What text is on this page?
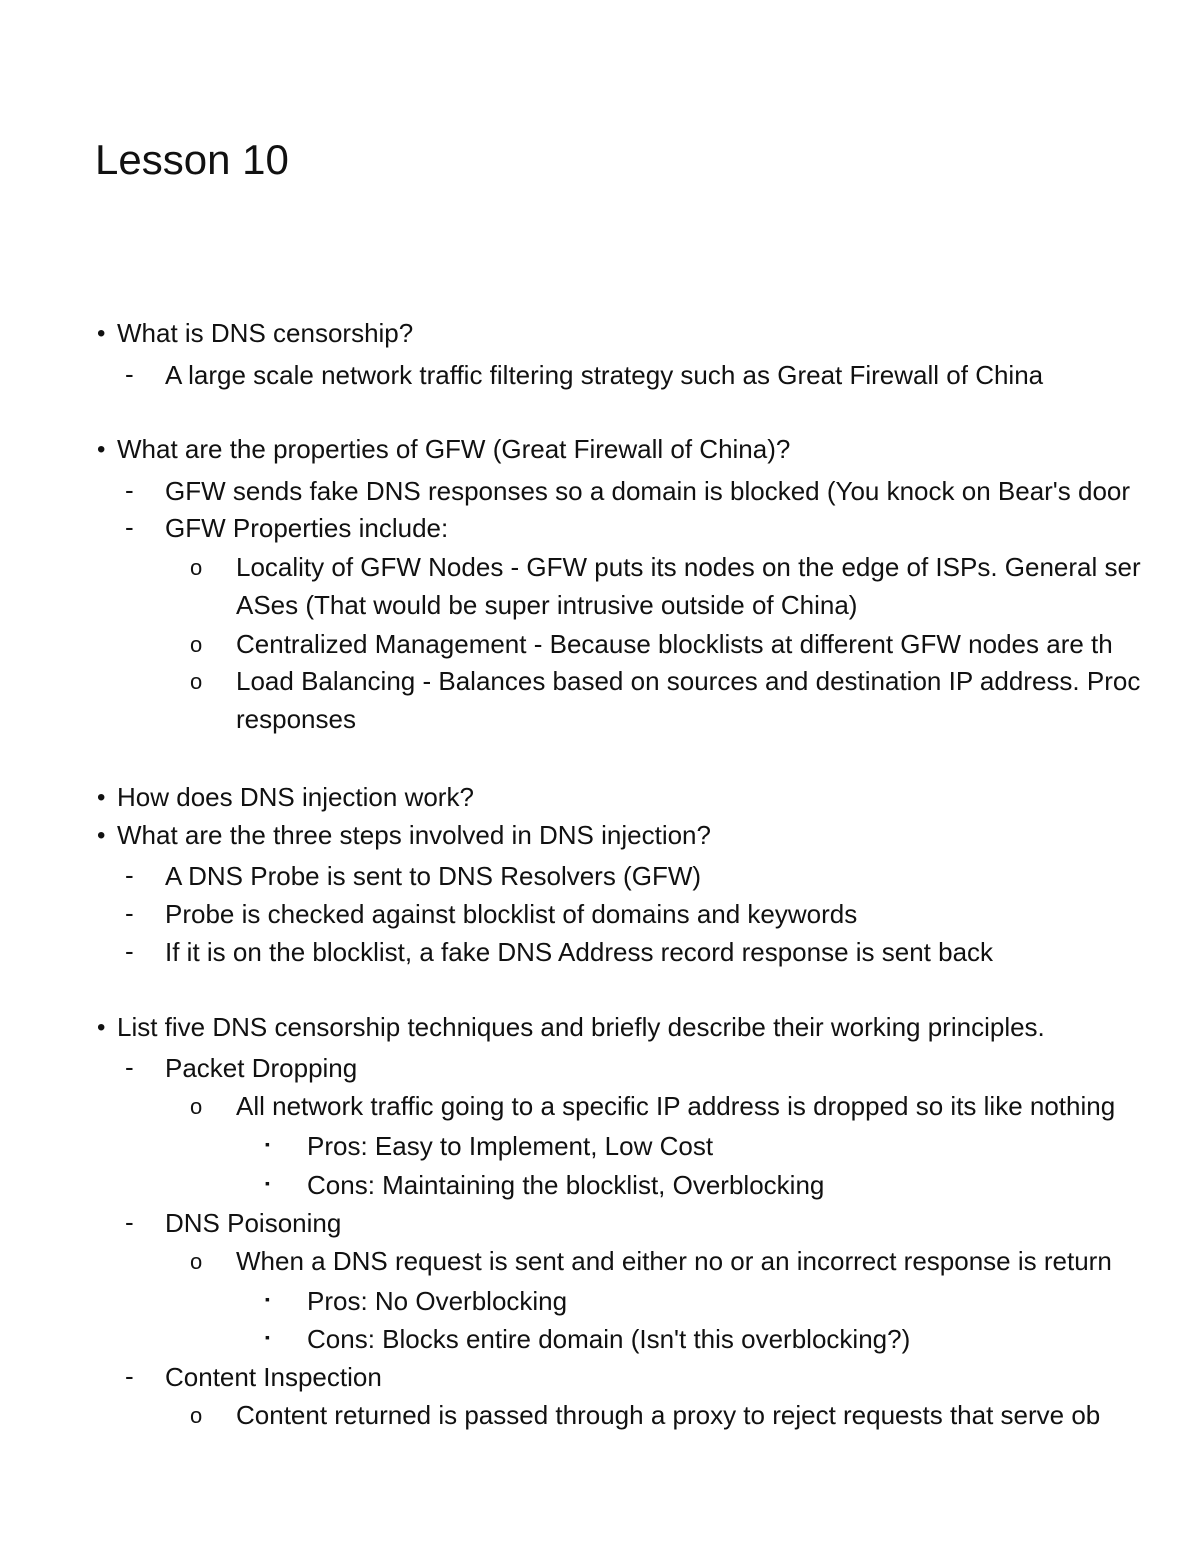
Lesson 10
• What is DNS censorship?
- A large scale network traffic filtering strategy such as Great Firewall of China
• What are the properties of GFW (Great Firewall of China)?
- GFW sends fake DNS responses so a domain is blocked (You knock on Bear's door
- GFW Properties include:
o Locality of GFW Nodes - GFW puts its nodes on the edge of ISPs. General ser
ASes (That would be super intrusive outside of China)
o Centralized Management - Because blocklists at different GFW nodes are th
o Load Balancing - Balances based on sources and destination IP address. Proc
responses
• How does DNS injection work?
• What are the three steps involved in DNS injection?
- A DNS Probe is sent to DNS Resolvers (GFW)
- Probe is checked against blocklist of domains and keywords
- If it is on the blocklist, a fake DNS Address record response is sent back
• List five DNS censorship techniques and briefly describe their working principles.
- Packet Dropping
o All network traffic going to a specific IP address is dropped so its like nothing
▪ Pros: Easy to Implement, Low Cost
▪ Cons: Maintaining the blocklist, Overblocking
- DNS Poisoning
o When a DNS request is sent and either no or an incorrect response is return
▪ Pros: No Overblocking
▪ Cons: Blocks entire domain (Isn't this overblocking?)
- Content Inspection
o Content returned is passed through a proxy to reject requests that serve ob
